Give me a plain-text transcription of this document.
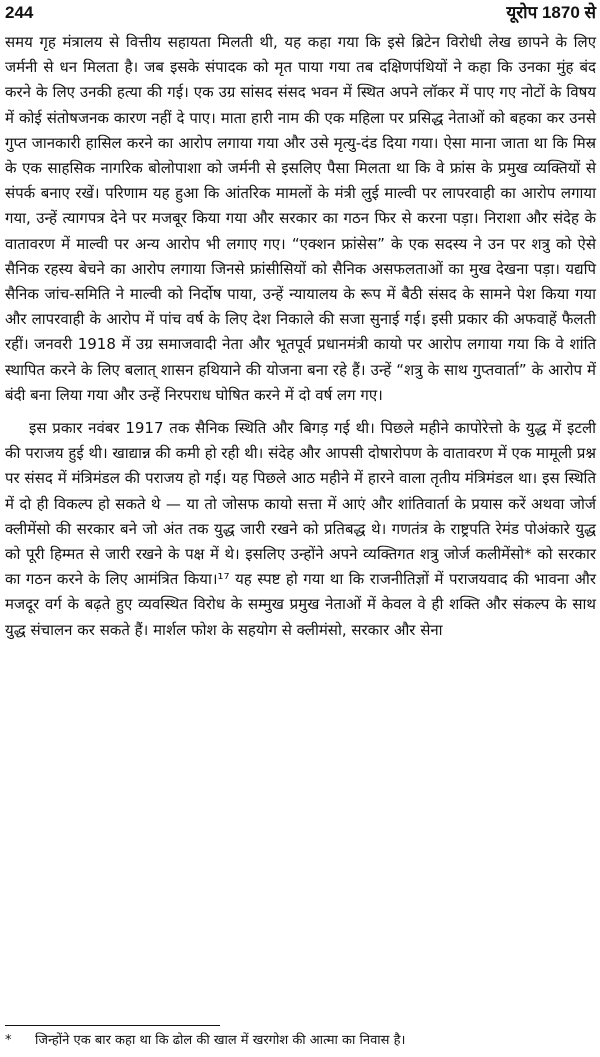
244	यूरोप 1870 से

समय गृह मंत्रालय से वित्तीय सहायता मिलती थी, यह कहा गया कि इसे ब्रिटेन विरोधी लेख छापने के लिए जर्मनी से धन मिलता है। जब इसके संपादक को मृत पाया गया तब दक्षिणपंथियों ने कहा कि उनका मुंह बंद करने के लिए उनकी हत्या की गई। एक उग्र सांसद संसद भवन में स्थित अपने लॉकर में पाए गए नोटों के विषय में कोई संतोषजनक कारण नहीं दे पाए। माता हारी नाम की एक महिला पर प्रसिद्ध नेताओं को बहका कर उनसे गुप्त जानकारी हासिल करने का आरोप लगाया गया और उसे मृत्यु-दंड दिया गया। ऐसा माना जाता था कि मिस्र के एक साहसिक नागरिक बोलोपाशा को जर्मनी से इसलिए पैसा मिलता था कि वे फ्रांस के प्रमुख व्यक्तियों से संपर्क बनाए रखें। परिणाम यह हुआ कि आंतरिक मामलों के मंत्री लुई माल्वी पर लापरवाही का आरोप लगाया गया, उन्हें त्यागपत्र देने पर मजबूर किया गया और सरकार का गठन फिर से करना पड़ा। निराशा और संदेह के वातावरण में माल्वी पर अन्य आरोप भी लगाए गए। “एक्शन फ्रांसेस” के एक सदस्य ने उन पर शत्रु को ऐसे सैनिक रहस्य बेचने का आरोप लगाया जिनसे फ्रांसीसियों को सैनिक असफलताओं का मुख देखना पड़ा। यद्यपि सैनिक जांच-समिति ने माल्वी को निर्दोष पाया, उन्हें न्यायालय के रूप में बैठी संसद के सामने पेश किया गया और लापरवाही के आरोप में पांच वर्ष के लिए देश निकाले की सजा सुनाई गई। इसी प्रकार की अफवाहें फैलती रहीं। जनवरी 1918 में उग्र समाजवादी नेता और भूतपूर्व प्रधानमंत्री कायो पर आरोप लगाया गया कि वे शांति स्थापित करने के लिए बलात् शासन हथियाने की योजना बना रहे हैं। उन्हें “शत्रु के साथ गुप्तवार्ता” के आरोप में बंदी बना लिया गया और उन्हें निरपराध घोषित करने में दो वर्ष लग गए।

इस प्रकार नवंबर 1917 तक सैनिक स्थिति और बिगड़ गई थी। पिछले महीने कापोरेत्तो के युद्ध में इटली की पराजय हुई थी। खाद्यान्न की कमी हो रही थी। संदेह और आपसी दोषारोपण के वातावरण में एक मामूली प्रश्न पर संसद में मंत्रिमंडल की पराजय हो गई। यह पिछले आठ महीने में हारने वाला तृतीय मंत्रिमंडल था। इस स्थिति में दो ही विकल्प हो सकते थे — या तो जोसफ कायो सत्ता में आएं और शांतिवार्ता के प्रयास करें अथवा जोर्ज क्लीमेंसो की सरकार बने जो अंत तक युद्ध जारी रखने को प्रतिबद्ध थे। गणतंत्र के राष्ट्रपति रेमंड पोअंकारे युद्ध को पूरी हिम्मत से जारी रखने के पक्ष में थे। इसलिए उन्होंने अपने व्यक्तिगत शत्रु जोर्ज कलीमेंसो* को सरकार का गठन करने के लिए आमंत्रित किया।¹⁷ यह स्पष्ट हो गया था कि राजनीतिज्ञों में पराजयवाद की भावना और मजदूर वर्ग के बढ़ते हुए व्यवस्थित विरोध के सम्मुख प्रमुख नेताओं में केवल वे ही शक्ति और संकल्प के साथ युद्ध संचालन कर सकते हैं। मार्शल फोश के सहयोग से क्लीमंसो, सरकार और सेना

*	जिन्होंने एक बार कहा था कि ढोल की खाल में खरगोश की आत्मा का निवास है।
